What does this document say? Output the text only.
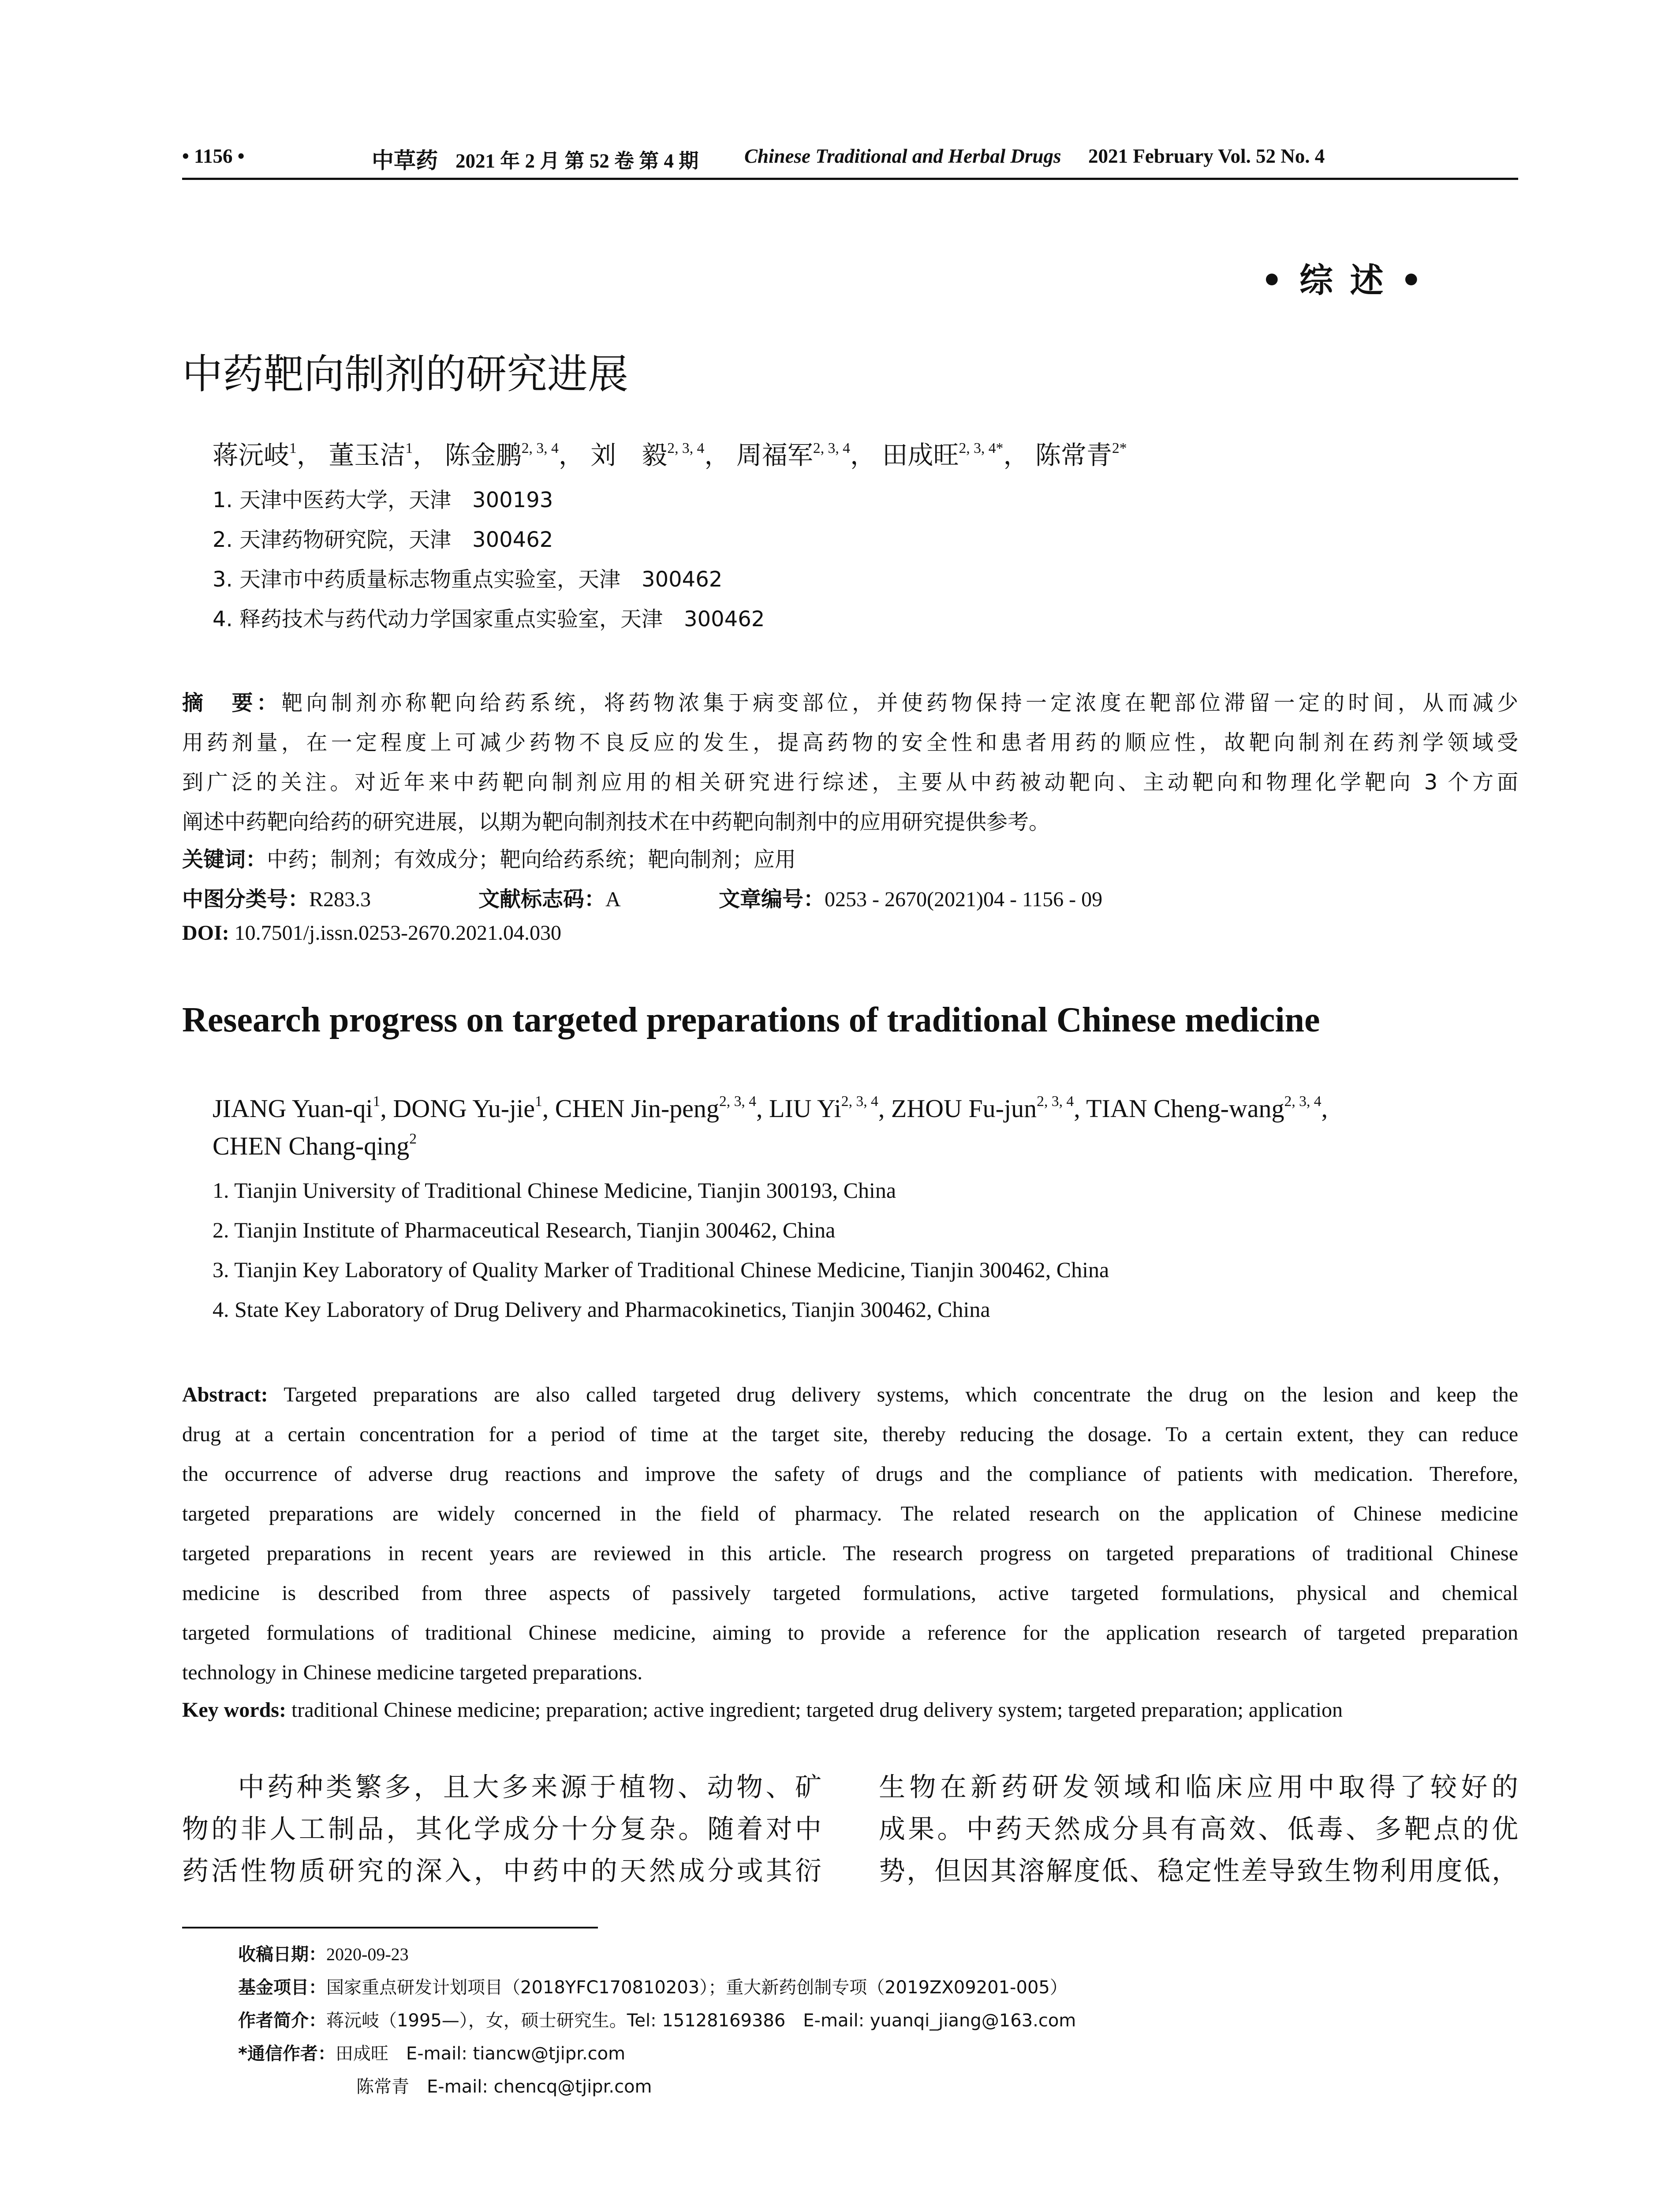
• 1156 •	中草药 2021 年 2 月 第 52 卷 第 4 期 Chinese Traditional and Herbal Drugs 2021 February Vol. 52 No. 4
• 综 述 •
中药靶向制剂的研究进展
蒋沅岐$^1$， 董玉洁$^1$， 陈金鹏$^{2, 3, 4}$， 刘　毅$^{2, 3, 4}$， 周福军$^{2, 3, 4}$， 田成旺$^{2, 3, 4*}$， 陈常青$^{2*}$
1. 天津中医药大学，天津　300193
2. 天津药物研究院，天津　300462
3. 天津市中药质量标志物重点实验室，天津　300462
4. 释药技术与药代动力学国家重点实验室，天津　300462
摘　要：靶向制剂亦称靶向给药系统，将药物浓集于病变部位，并使药物保持一定浓度在靶部位滞留一定的时间，从而减少
用药剂量，在一定程度上可减少药物不良反应的发生，提高药物的安全性和患者用药的顺应性，故靶向制剂在药剂学领域受
到广泛的关注。对近年来中药靶向制剂应用的相关研究进行综述，主要从中药被动靶向、主动靶向和物理化学靶向 3 个方面
阐述中药靶向给药的研究进展，以期为靶向制剂技术在中药靶向制剂中的应用研究提供参考。
关键词：中药；制剂；有效成分；靶向给药系统；靶向制剂；应用
中图分类号：R283.3	文献标志码：A	文章编号：0253 - 2670(2021)04 - 1156 - 09
DOI: 10.7501/j.issn.0253-2670.2021.04.030
Research progress on targeted preparations of traditional Chinese medicine
JIANG Yuan-$qi^1$, DONG Yu-jie$^1$, CHEN Jin-peng$^{2, 3, 4}$, LIU Yi$^{2, 3, 4}$, ZHOU Fu-jun$^{2, 3, 4}$, TIAN Cheng-wang$^{2, 3, 4}$,
CHEN Chang-qing$^2$
1. Tianjin University of Traditional Chinese Medicine, Tianjin 300193, China
2. Tianjin Institute of Pharmaceutical Research, Tianjin 300462, China
3. Tianjin Key Laboratory of Quality Marker of Traditional Chinese Medicine, Tianjin 300462, China
4. State Key Laboratory of Drug Delivery and Pharmacokinetics, Tianjin 300462, China
Abstract: Targeted preparations are also called targeted drug delivery systems, which concentrate the drug on the lesion and keep the
drug at a certain concentration for a period of time at the target site, thereby reducing the dosage. To a certain extent, they can reduce
the occurrence of adverse drug reactions and improve the safety of drugs and the compliance of patients with medication. Therefore,
targeted preparations are widely concerned in the field of pharmacy. The related research on the application of Chinese medicine
targeted preparations in recent years are reviewed in this article. The research progress on targeted preparations of traditional Chinese
medicine is described from three aspects of passively targeted formulations, active targeted formulations, physical and chemical
targeted formulations of traditional Chinese medicine, aiming to provide a reference for the application research of targeted preparation
technology in Chinese medicine targeted preparations.
Key words: traditional Chinese medicine; preparation; active ingredient; targeted drug delivery system; targeted preparation; application
中药种类繁多，且大多来源于植物、动物、矿
物的非人工制品，其化学成分十分复杂。随着对中
药活性物质研究的深入，中药中的天然成分或其衍
生物在新药研发领域和临床应用中取得了较好的
成果。中药天然成分具有高效、低毒、多靶点的优
势，但因其溶解度低、稳定性差导致生物利用度低，
收稿日期：2020-09-23
基金项目：国家重点研发计划项目（2018YFC170810203）；重大新药创制专项（2019ZX09201-005）
作者简介：蒋沅岐（1995—），女，硕士研究生。Tel: 15128169386　E-mail: yuanqi_jiang@163.com
*通信作者：田成旺　E-mail: tiancw@tjipr.com
陈常青　E-mail: chencq@tjipr.com
